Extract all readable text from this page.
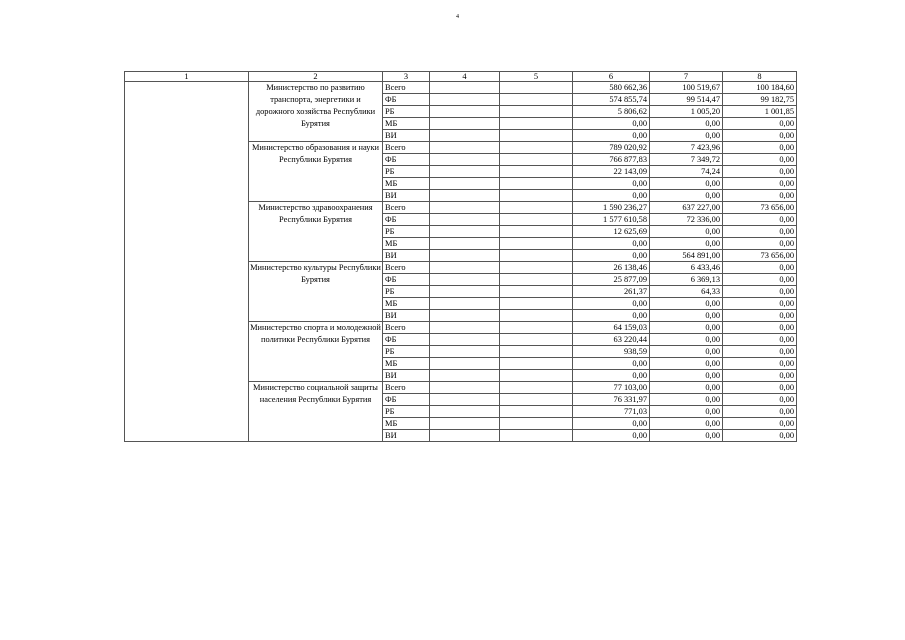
4
1	2	3	4	5	6	7	8
	Министерство по развитию транспорта, энергетики и дорожного хозяйства Республики Бурятия	Всего			580 662,36	100 519,67	100 184,60
		ФБ			574 855,74	99 514,47	99 182,75
		РБ			5 806,62	1 005,20	1 001,85
		МБ			0,00	0,00	0,00
		ВИ			0,00	0,00	0,00
	Министерство образования и науки Республики Бурятия	Всего			789 020,92	7 423,96	0,00
		ФБ			766 877,83	7 349,72	0,00
		РБ			22 143,09	74,24	0,00
		МБ			0,00	0,00	0,00
		ВИ			0,00	0,00	0,00
	Министерство здравоохранения Республики Бурятия	Всего			1 590 236,27	637 227,00	73 656,00
		ФБ			1 577 610,58	72 336,00	0,00
		РБ			12 625,69	0,00	0,00
		МБ			0,00	0,00	0,00
		ВИ			0,00	564 891,00	73 656,00
	Министерство культуры Республики Бурятия	Всего			26 138,46	6 433,46	0,00
		ФБ			25 877,09	6 369,13	0,00
		РБ			261,37	64,33	0,00
		МБ			0,00	0,00	0,00
		ВИ			0,00	0,00	0,00
	Министерство спорта и молодежной политики Республики Бурятия	Всего			64 159,03	0,00	0,00
		ФБ			63 220,44	0,00	0,00
		РБ			938,59	0,00	0,00
		МБ			0,00	0,00	0,00
		ВИ			0,00	0,00	0,00
	Министерство социальной защиты населения Республики Бурятия	Всего			77 103,00	0,00	0,00
		ФБ			76 331,97	0,00	0,00
		РБ			771,03	0,00	0,00
		МБ			0,00	0,00	0,00
		ВИ			0,00	0,00	0,00
